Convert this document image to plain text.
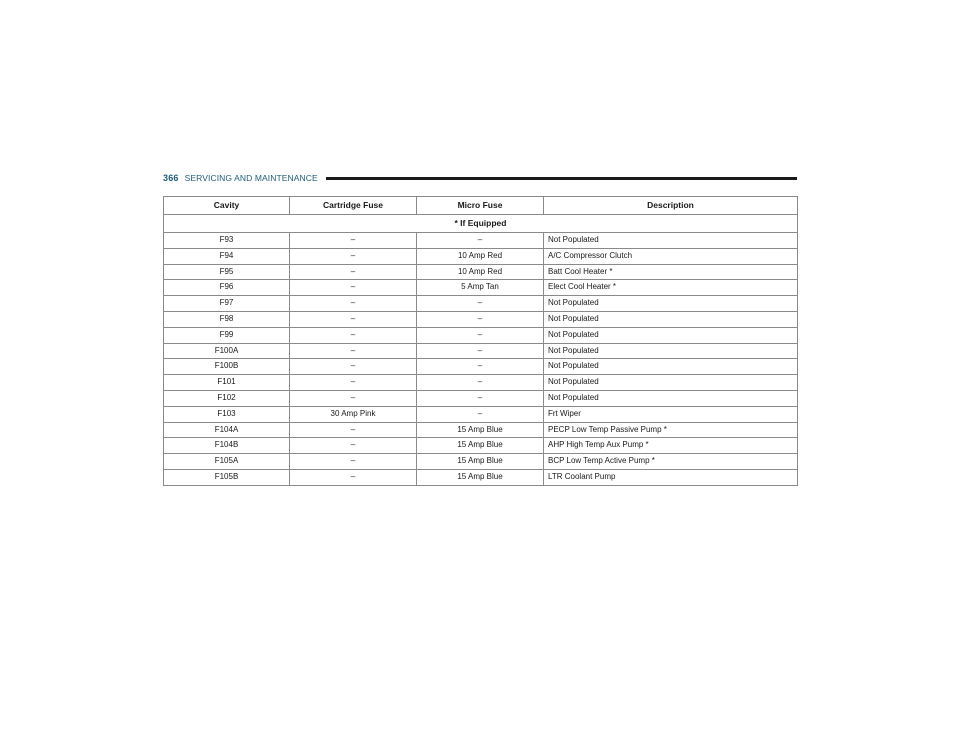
366 SERVICING AND MAINTENANCE
Cavity	Cartridge Fuse	Micro Fuse	Description
* If Equipped			
F93	–	–	Not Populated
F94	–	10 Amp Red	A/C Compressor Clutch
F95	–	10 Amp Red	Batt Cool Heater *
F96	–	5 Amp Tan	Elect Cool Heater *
F97	–	–	Not Populated
F98	–	–	Not Populated
F99	–	–	Not Populated
F100A	–	–	Not Populated
F100B	–	–	Not Populated
F101	–	–	Not Populated
F102	–	–	Not Populated
F103	30 Amp Pink	–	Frt Wiper
F104A	–	15 Amp Blue	PECP Low Temp Passive Pump *
F104B	–	15 Amp Blue	AHP High Temp Aux Pump *
F105A	–	15 Amp Blue	BCP Low Temp Active Pump *
F105B	–	15 Amp Blue	LTR Coolant Pump
